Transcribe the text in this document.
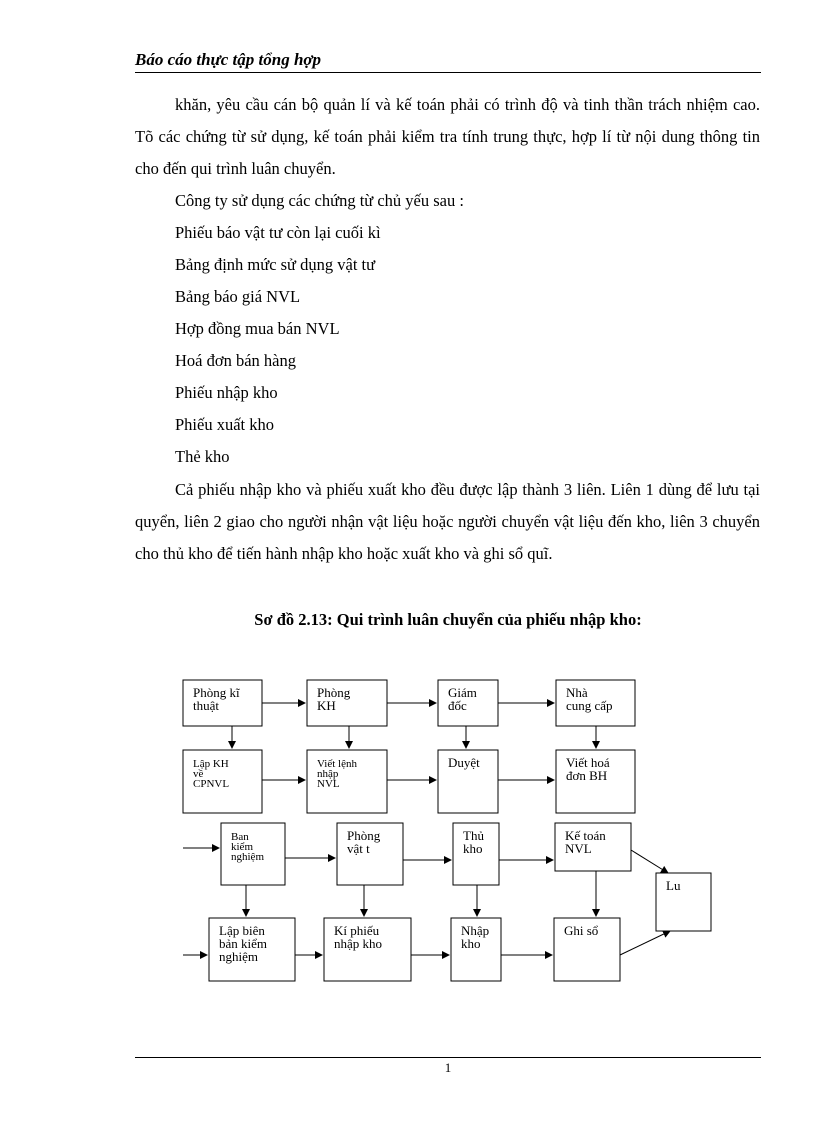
Báo cáo thực tập tổng hợp
khăn, yêu cầu cán bộ quản lí và kế toán phải có trình độ và tinh thần trách nhiệm cao. Tõ các chứng từ sử dụng, kế toán phải kiểm tra tính trung thực, hợp lí từ nội dung thông tin cho đến qui trình luân chuyển.
Công ty sử dụng các chứng từ chủ yếu sau :
Phiếu báo vật tư còn lại cuối kì
Bảng định mức sử dụng vật tư
Bảng báo giá NVL
Hợp đồng mua bán NVL
Hoá đơn bán hàng
Phiếu nhập kho
Phiếu xuất kho
Thẻ kho
Cả phiếu nhập kho và phiếu xuất kho đều được lập thành 3 liên. Liên 1 dùng để lưu tại quyển, liên 2 giao cho người nhận vật liệu hoặc người chuyển vật liệu đến kho, liên 3 chuyển cho thủ kho để tiến hành nhập kho hoặc xuất kho và ghi sổ quĩ.
Sơ đồ 2.13: Qui trình luân chuyển của phiếu nhập kho:
Phòng kĩ
thuật
Phòng
KH
Giám
đốc
Nhà
cung cấp
Lập KH
về
CPNVL
Viết lệnh
nhập
NVL
Duyệt	Viết hoá
đơn BH
Ban
kiểm
nghiệm
Phòng
vật t
Thủ
kho
Kế toán
NVL
Lu
Lập biên
bản kiểm
nghiệm
Kí phiếu
nhập kho
Nhập
kho
Ghi sổ
1
